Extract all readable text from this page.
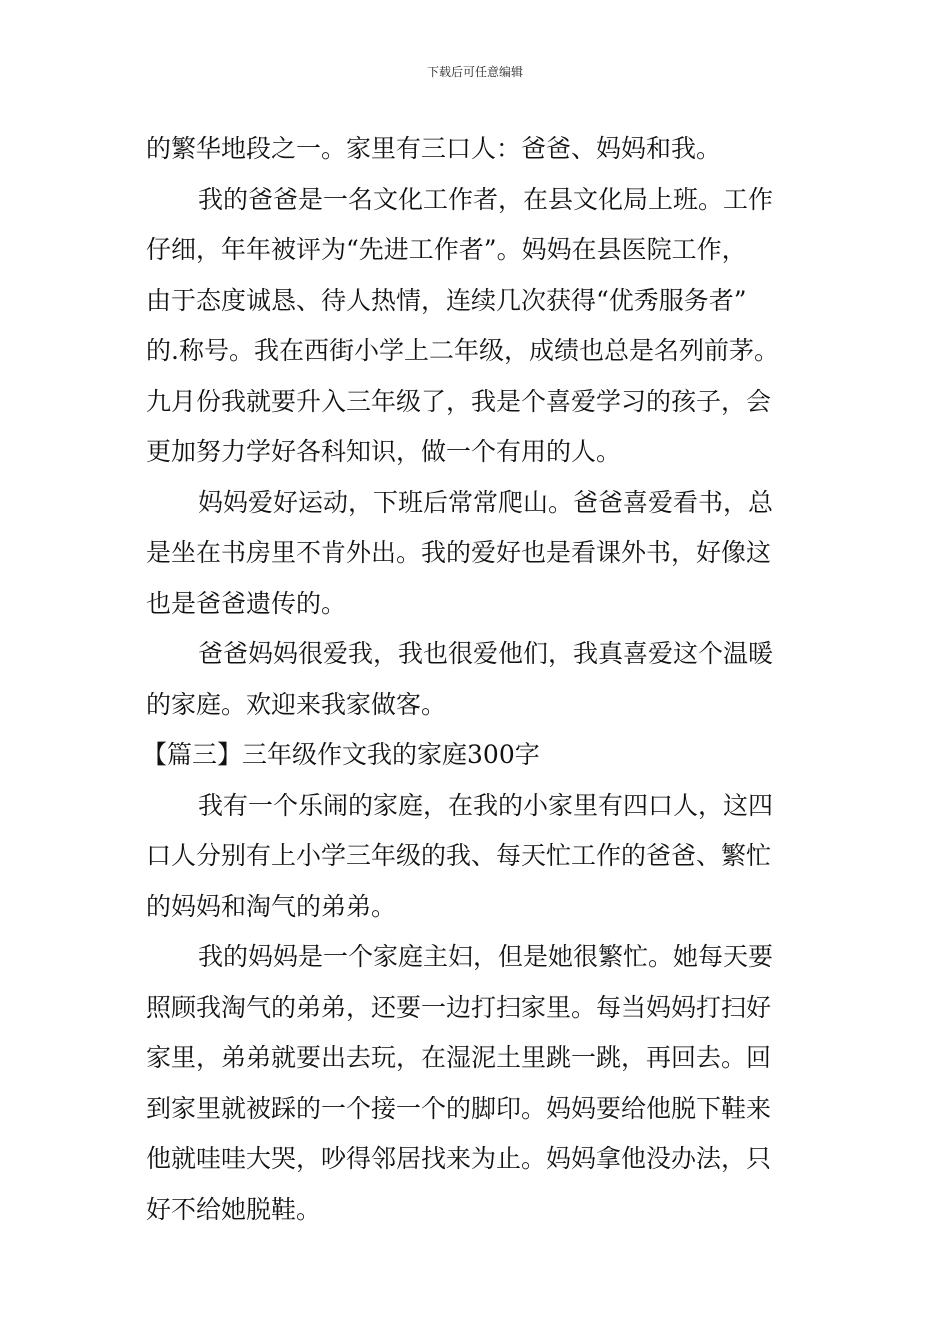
下载后可任意编辑
的繁华地段之一。家里有三口人：爸爸、妈妈和我。
我的爸爸是一名文化工作者，在县文化局上班。工作
仔细，年年被评为“先进工作者”。妈妈在县医院工作，
由于态度诚恳、待人热情，连续几次获得“优秀服务者”
的.称号。我在西街小学上二年级，成绩也总是名列前茅。
九月份我就要升入三年级了，我是个喜爱学习的孩子，会
更加努力学好各科知识，做一个有用的人。
妈妈爱好运动，下班后常常爬山。爸爸喜爱看书，总
是坐在书房里不肯外出。我的爱好也是看课外书，好像这
也是爸爸遗传的。
爸爸妈妈很爱我，我也很爱他们，我真喜爱这个温暖
的家庭。欢迎来我家做客。
【篇三】三年级作文我的家庭300字
我有一个乐闹的家庭，在我的小家里有四口人，这四
口人分别有上小学三年级的我、每天忙工作的爸爸、繁忙
的妈妈和淘气的弟弟。
我的妈妈是一个家庭主妇，但是她很繁忙。她每天要
照顾我淘气的弟弟，还要一边打扫家里。每当妈妈打扫好
家里，弟弟就要出去玩，在湿泥土里跳一跳，再回去。回
到家里就被踩的一个接一个的脚印。妈妈要给他脱下鞋来
他就哇哇大哭，吵得邻居找来为止。妈妈拿他没办法，只
好不给她脱鞋。
